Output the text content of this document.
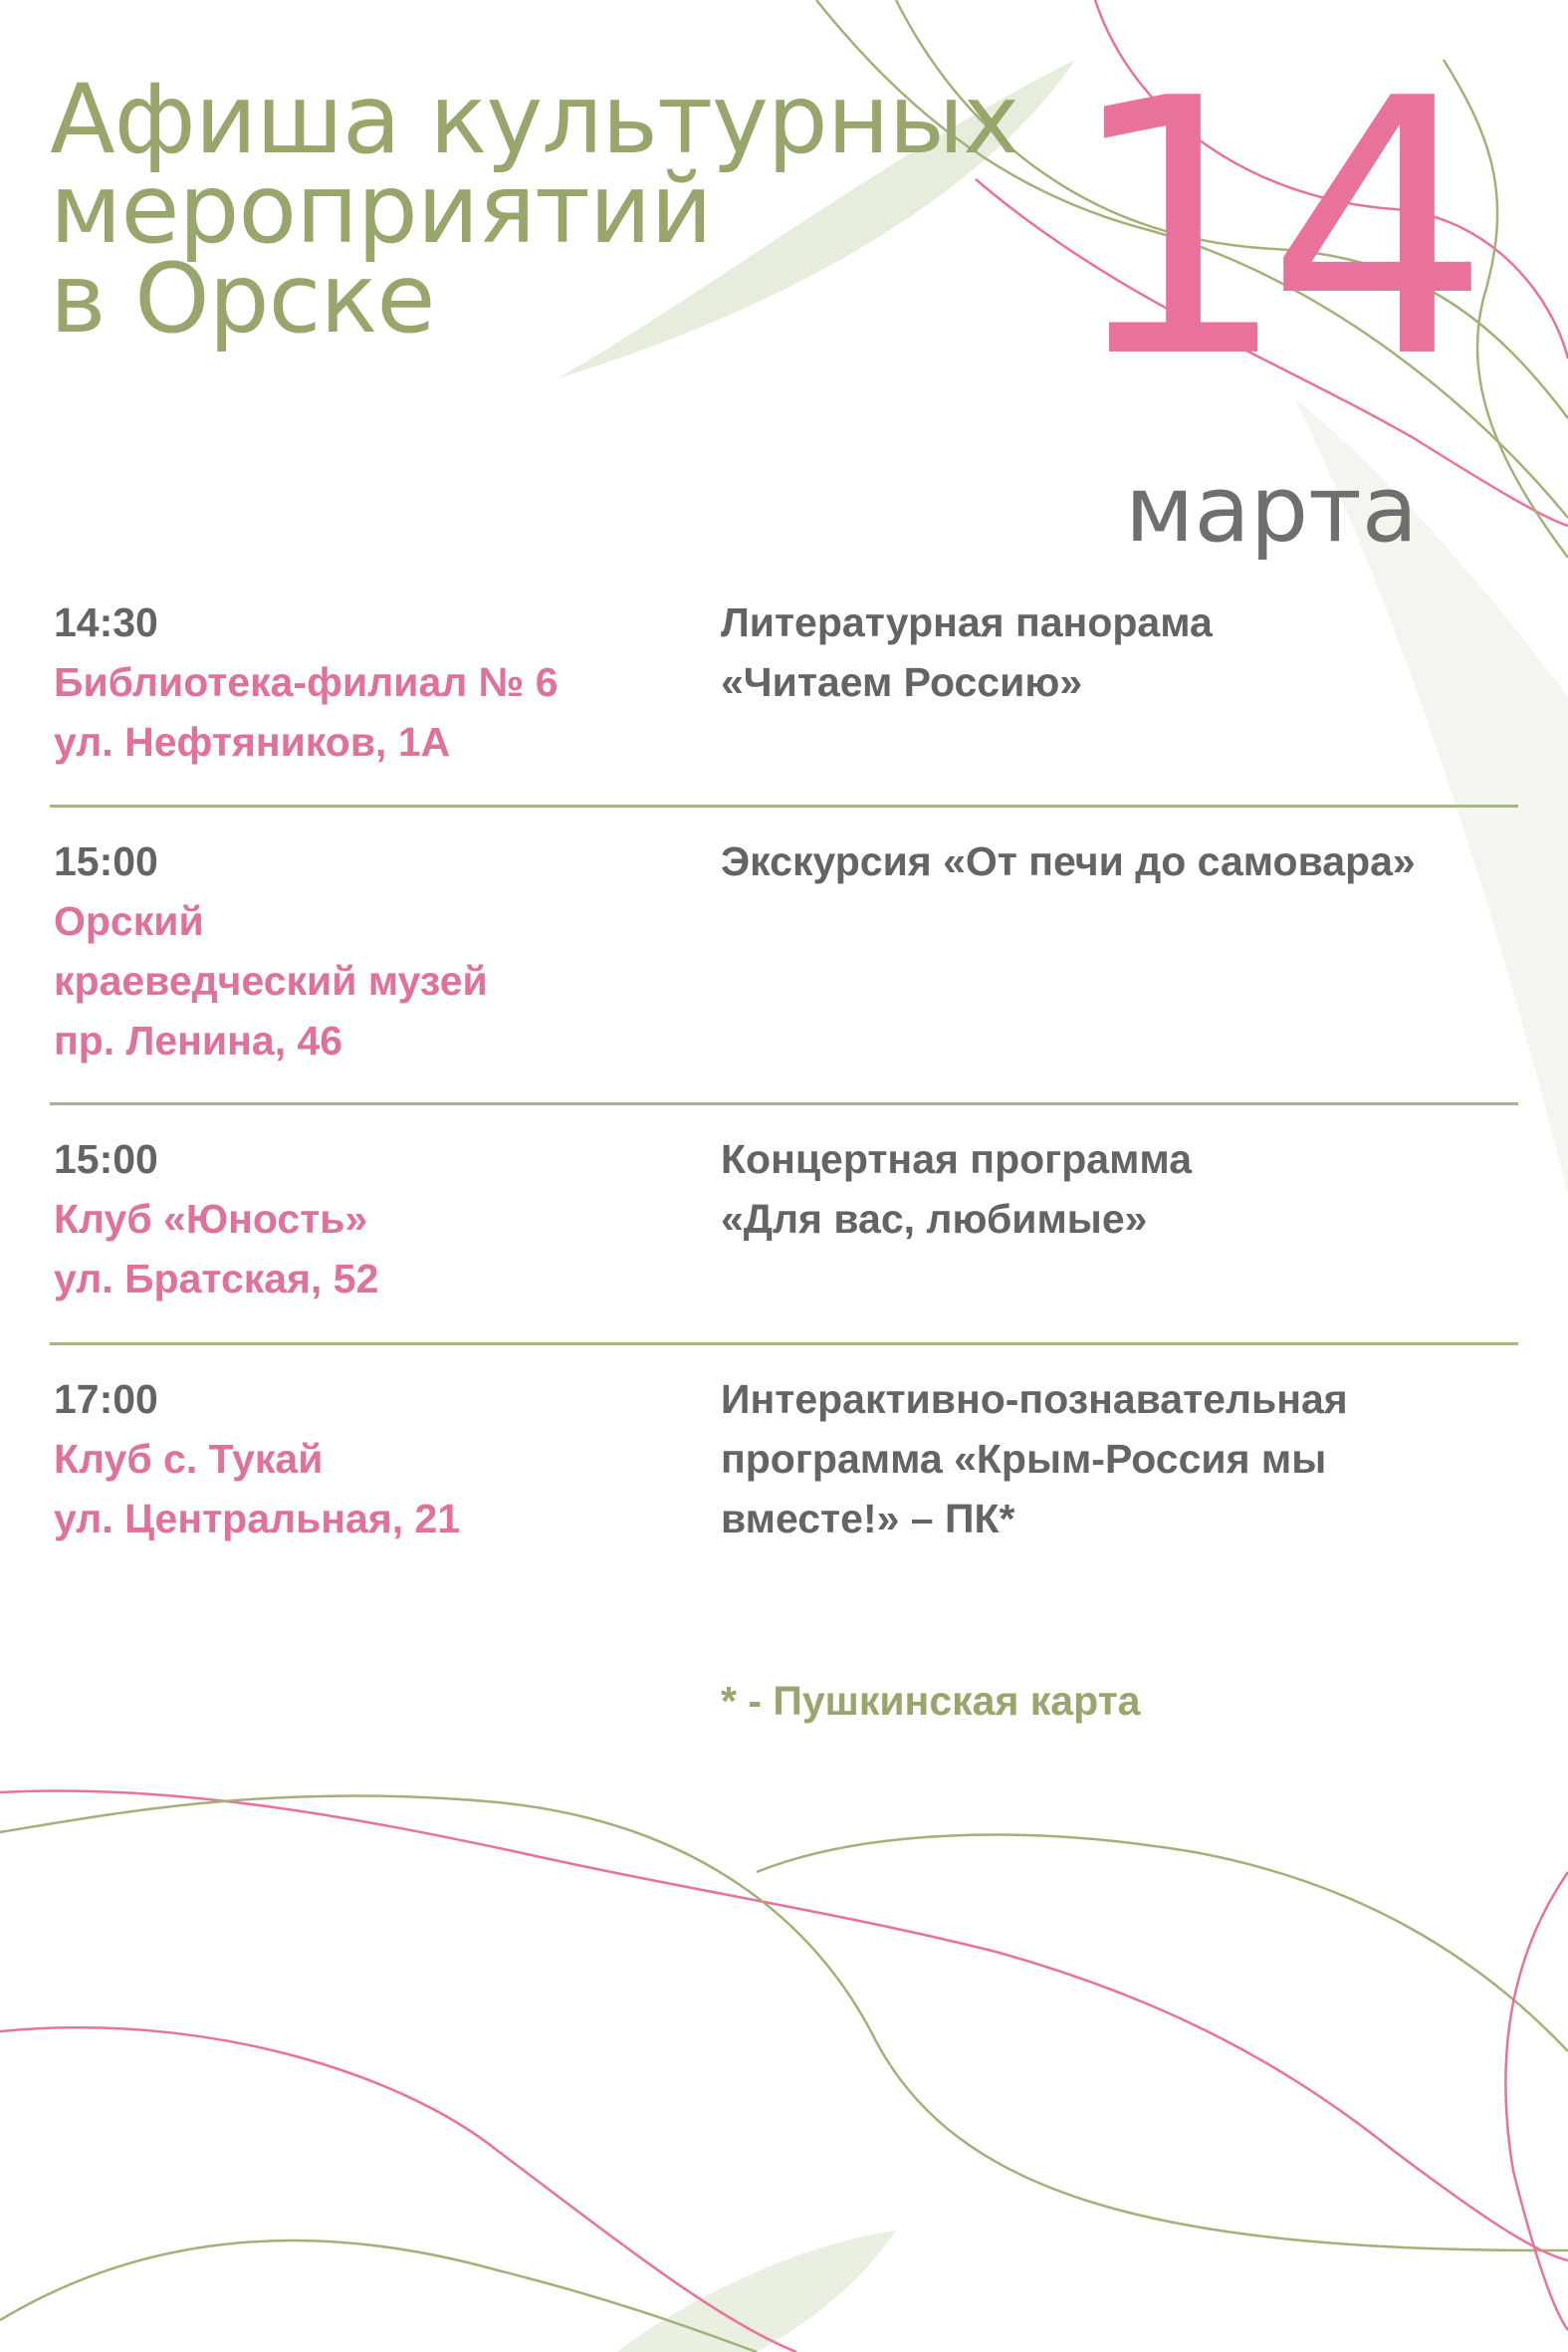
Афиша культурных
мероприятий
в Орске	14
марта
14:30
Библиотека-филиал № 6
ул. Нефтяников, 1А
Литературная панорама
«Читаем Россию»
15:00
Орский
краеведческий музей
пр. Ленина, 46
Экскурсия «От печи до самовара»
15:00
Клуб «Юность»
ул. Братская, 52
Концертная программа
«Для вас, любимые»
17:00
Клуб с. Тукай
ул. Центральная, 21
Интерактивно-познавательная
программа «Крым-Россия мы
вместе!» – ПК*
* - Пушкинская карта
